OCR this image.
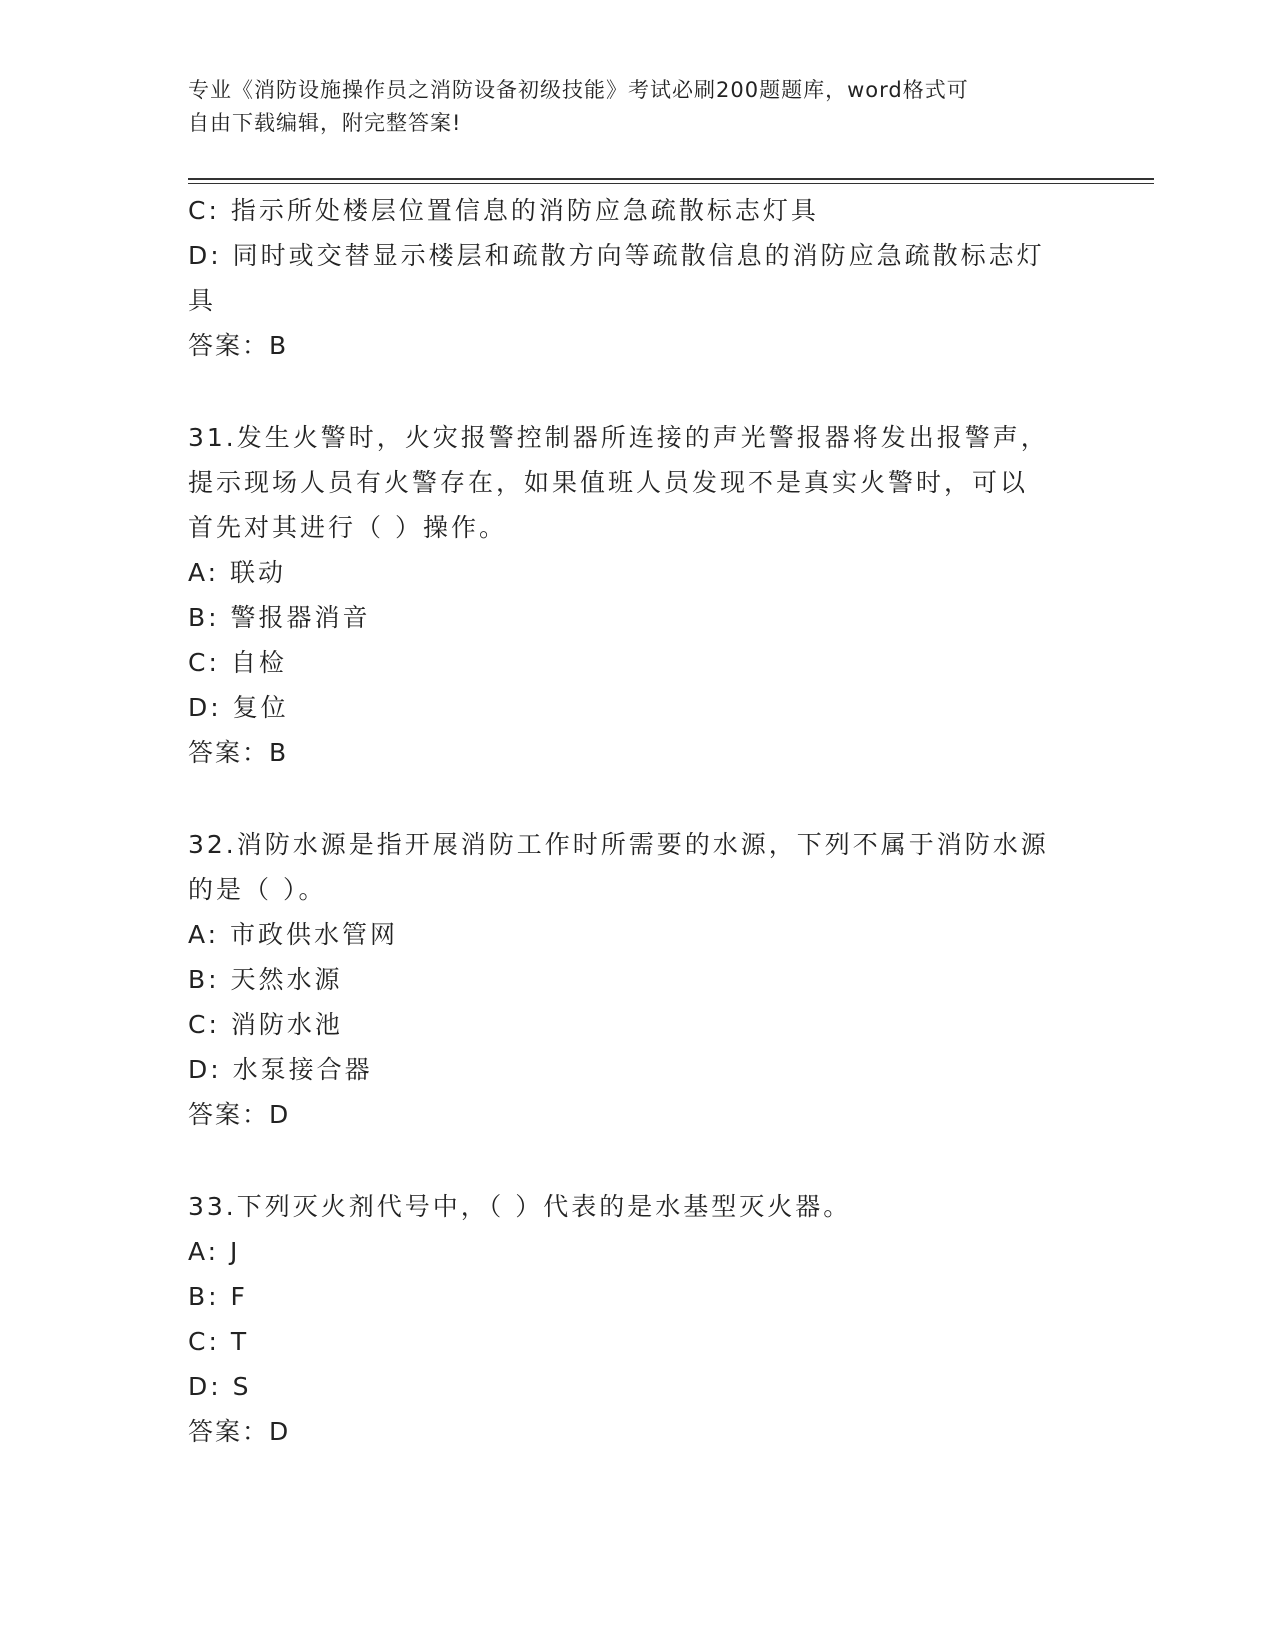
专业《消防设施操作员之消防设备初级技能》考试必刷200题题库，word格式可
自由下载编辑，附完整答案!
C: 指示所处楼层位置信息的消防应急疏散标志灯具
D: 同时或交替显示楼层和疏散方向等疏散信息的消防应急疏散标志灯
具
答案：B
31.发生火警时，火灾报警控制器所连接的声光警报器将发出报警声，
提示现场人员有火警存在，如果值班人员发现不是真实火警时，可以
首先对其进行（ ）操作。
A: 联动
B: 警报器消音
C: 自检
D: 复位
答案：B
32.消防水源是指开展消防工作时所需要的水源，下列不属于消防水源
的是（ ）。
A: 市政供水管网
B: 天然水源
C: 消防水池
D: 水泵接合器
答案：D
33.下列灭火剂代号中，（ ）代表的是水基型灭火器。
A: J
B: F
C: T
D: S
答案：D
